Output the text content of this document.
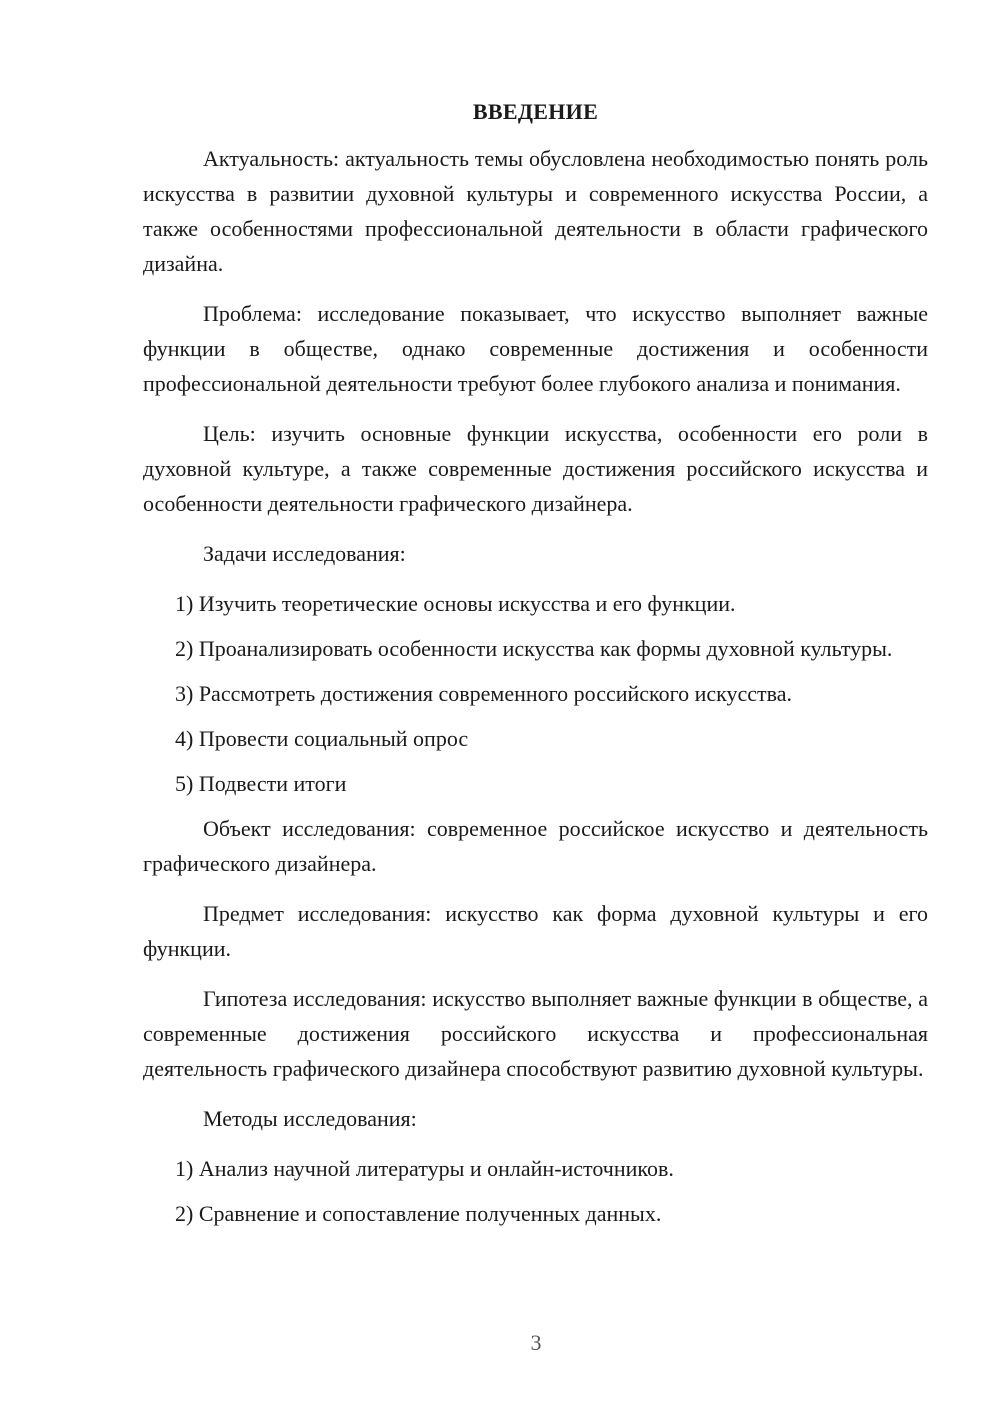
ВВЕДЕНИЕ
Актуальность: актуальность темы обусловлена необходимостью понять роль искусства в развитии духовной культуры и современного искусства России, а также особенностями профессиональной деятельности в области графического дизайна.
Проблема: исследование показывает, что искусство выполняет важные функции в обществе, однако современные достижения и особенности профессиональной деятельности требуют более глубокого анализа и понимания.
Цель: изучить основные функции искусства, особенности его роли в духовной культуре, а также современные достижения российского искусства и особенности деятельности графического дизайнера.
Задачи исследования:
1) Изучить теоретические основы искусства и его функции.
2) Проанализировать особенности искусства как формы духовной культуры.
3) Рассмотреть достижения современного российского искусства.
4) Провести социальный опрос
5) Подвести итоги
Объект исследования: современное российское искусство и деятельность графического дизайнера.
Предмет исследования: искусство как форма духовной культуры и его функции.
Гипотеза исследования: искусство выполняет важные функции в обществе, а современные достижения российского искусства и профессиональная деятельность графического дизайнера способствуют развитию духовной культуры.
Методы исследования:
1) Анализ научной литературы и онлайн-источников.
2) Сравнение и сопоставление полученных данных.
3
